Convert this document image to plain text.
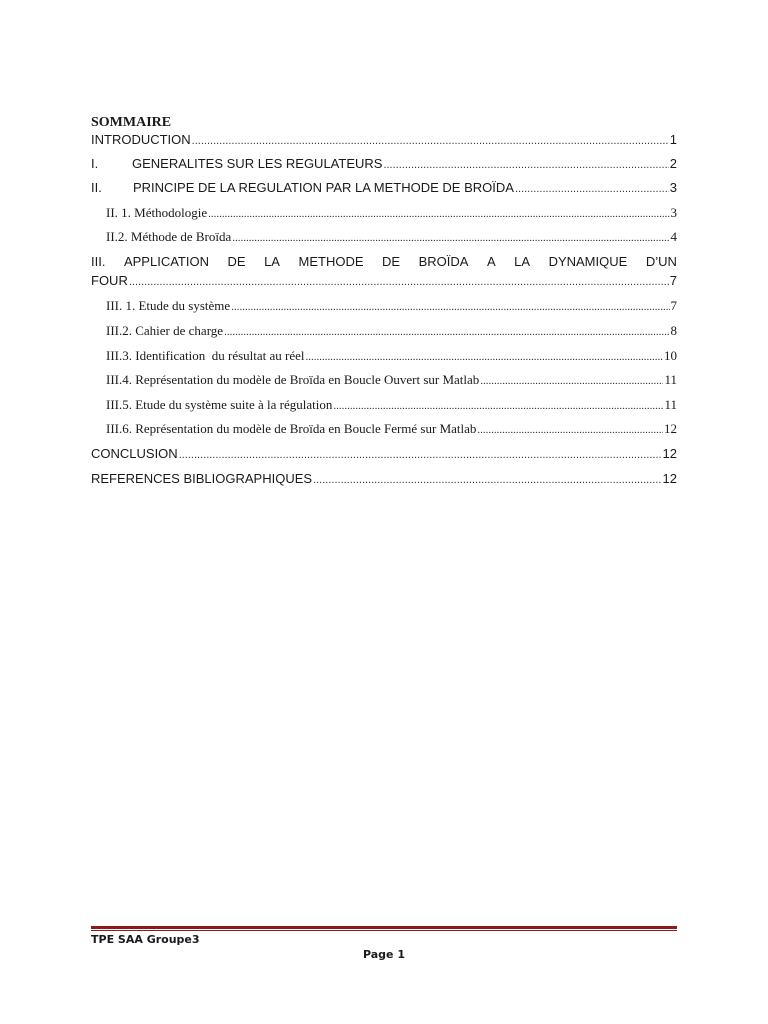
SOMMAIRE
INTRODUCTION .....	1
I.	GENERALITES SUR LES REGULATEURS .....	2
II. PRINCIPE DE LA REGULATION PAR LA METHODE DE BROÏDA .....	3
II. 1. Méthodologie .....	3
II.2. Méthode de Broïda .....	4
III. APPLICATION DE LA METHODE DE BROÏDA A LA DYNAMIQUE D’UN
FOUR .....	7
III. 1. Etude du système .....	7
III.2. Cahier de charge .....	8
III.3. Identification  du résultat au réel .....	10
III.4. Représentation du modèle de Broïda en Boucle Ouvert sur Matlab .....	11
III.5. Etude du système suite à la régulation .....	11
III.6. Représentation du modèle de Broïda en Boucle Fermé sur Matlab .....	12
CONCLUSION .....	12
REFERENCES BIBLIOGRAPHIQUES .....	12
TPE SAA Groupe3
Page 1
